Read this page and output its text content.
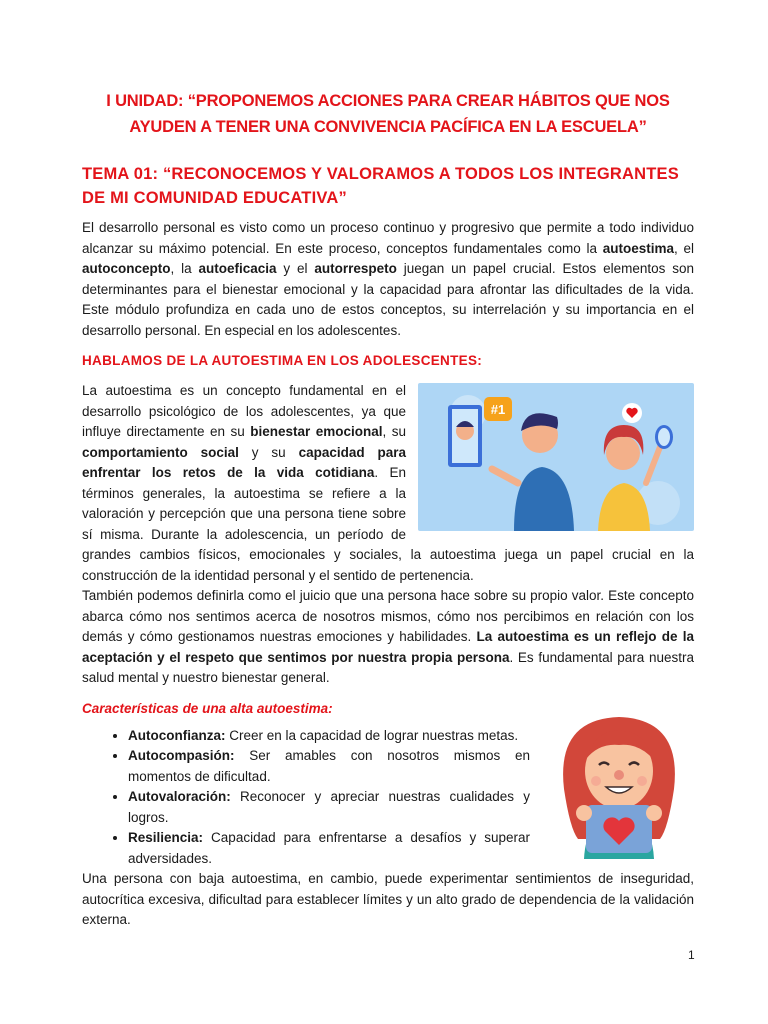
I UNIDAD: “PROPONEMOS ACCIONES PARA CREAR HÁBITOS QUE NOS AYUDEN A TENER UNA CONVIVENCIA PACÍFICA EN LA ESCUELA”
TEMA 01: “RECONOCEMOS Y VALORAMOS A TODOS LOS INTEGRANTES DE MI COMUNIDAD EDUCATIVA”

El desarrollo personal es visto como un proceso continuo y progresivo que permite a todo individuo alcanzar su máximo potencial. En este proceso, conceptos fundamentales como la autoestima, el autoconcepto, la autoeficacia y el autorrespeto juegan un papel crucial. Estos elementos son determinantes para el bienestar emocional y la capacidad para afrontar las dificultades de la vida. Este módulo profundiza en cada uno de estos conceptos, su interrelación y su importancia en el desarrollo personal. En especial en los adolescentes.

HABLAMOS DE LA AUTOESTIMA EN LOS ADOLESCENTES:
#1

La autoestima es un concepto fundamental en el desarrollo psicológico de los adolescentes, ya que influye directamente en su bienestar emocional, su comportamiento social y su capacidad para enfrentar los retos de la vida cotidiana. En términos generales, la autoestima se refiere a la valoración y percepción que una persona tiene sobre sí misma. Durante la adolescencia, un período de grandes cambios físicos, emocionales y sociales, la autoestima juega un papel crucial en la construcción de la identidad personal y el sentido de pertenencia.

También podemos definirla como el juicio que una persona hace sobre su propio valor. Este concepto abarca cómo nos sentimos acerca de nosotros mismos, cómo nos percibimos en relación con los demás y cómo gestionamos nuestras emociones y habilidades. La autoestima es un reflejo de la aceptación y el respeto que sentimos por nuestra propia persona. Es fundamental para nuestra salud mental y nuestro bienestar general.

Características de una alta autoestima:
• Autoconfianza: Creer en la capacidad de lograr nuestras metas.
• Autocompasión: Ser amables con nosotros mismos en momentos de dificultad.
• Autovaloración: Reconocer y apreciar nuestras cualidades y logros.
• Resiliencia: Capacidad para enfrentarse a desafíos y superar adversidades.

Una persona con baja autoestima, en cambio, puede experimentar sentimientos de inseguridad, autocrítica excesiva, dificultad para establecer límites y un alto grado de dependencia de la validación externa.

1
